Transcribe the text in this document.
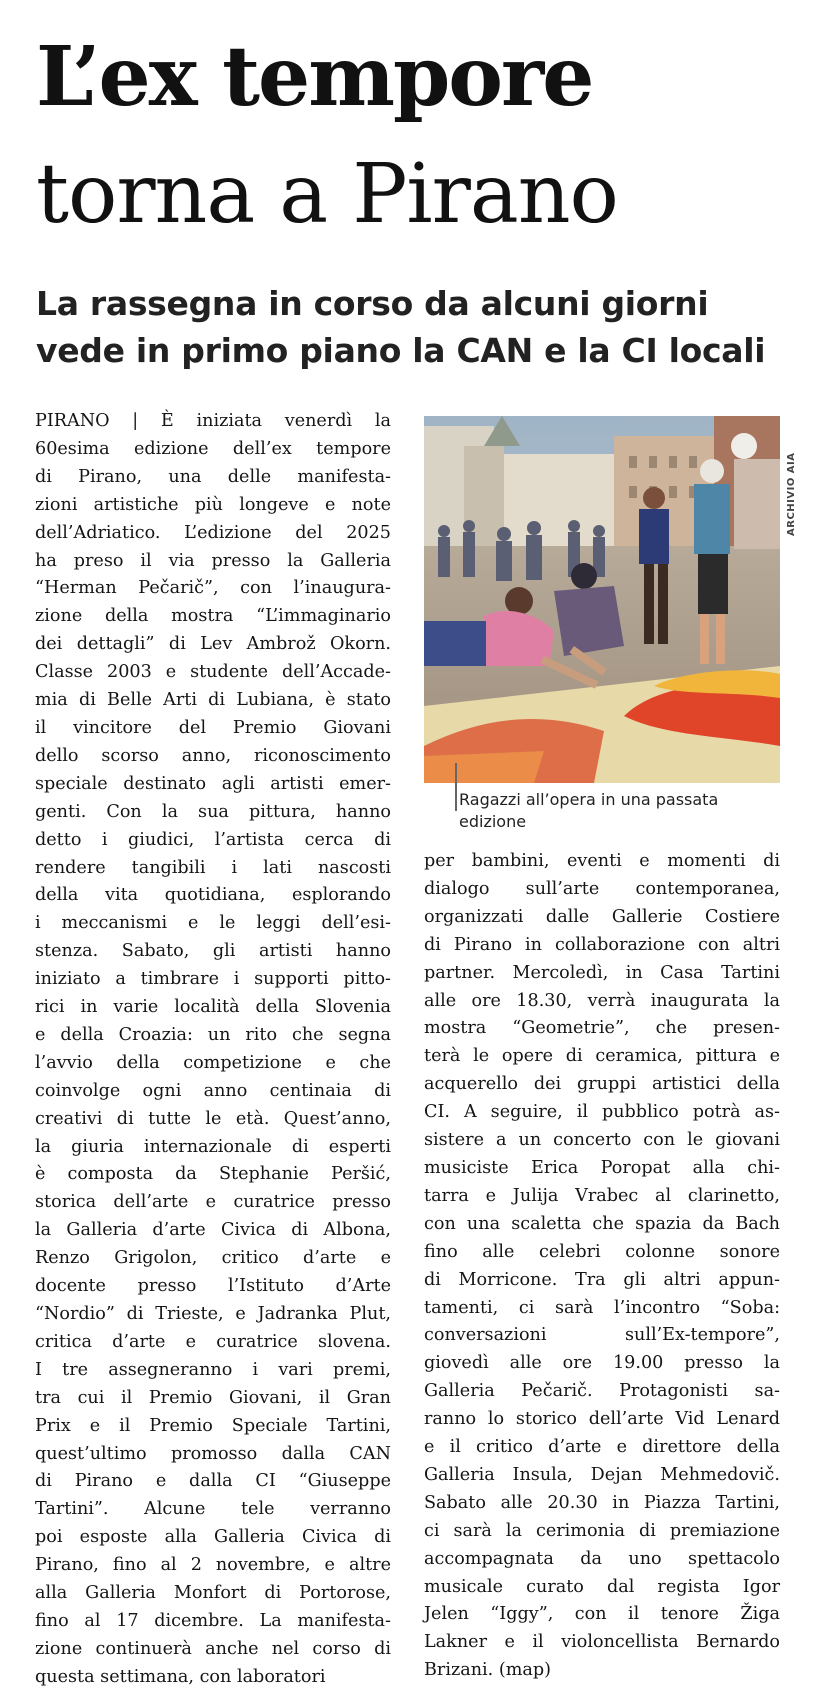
L’ex tempore
torna a Pirano
La rassegna in corso da alcuni giorni
vede in primo piano la CAN e la CI locali
PIRANO | È iniziata venerdì la
60esima edizione dell’ex tempore
di Pirano, una delle manifesta-
zioni artistiche più longeve e note
dell’Adriatico. L’edizione del 2025
ha preso il via presso la Galleria
“Herman Pečarič”, con l’inaugura-
zione della mostra “L’immaginario
dei dettagli” di Lev Ambrož Okorn.
Classe 2003 e studente dell’Accade-
mia di Belle Arti di Lubiana, è stato
il vincitore del Premio Giovani
dello scorso anno, riconoscimento
speciale destinato agli artisti emer-
genti. Con la sua pittura, hanno
detto i giudici, l’artista cerca di
rendere tangibili i lati nascosti
della vita quotidiana, esplorando
i meccanismi e le leggi dell’esi-
stenza. Sabato, gli artisti hanno
iniziato a timbrare i supporti pitto-
rici in varie località della Slovenia
e della Croazia: un rito che segna
l’avvio della competizione e che
coinvolge ogni anno centinaia di
creativi di tutte le età. Quest’anno,
la giuria internazionale di esperti
è composta da Stephanie Peršić,
storica dell’arte e curatrice presso
la Galleria d’arte Civica di Albona,
Renzo Grigolon, critico d’arte e
docente presso l’Istituto d’Arte
“Nordio” di Trieste, e Jadranka Plut,
critica d’arte e curatrice slovena.
I tre assegneranno i vari premi,
tra cui il Premio Giovani, il Gran
Prix e il Premio Speciale Tartini,
quest’ultimo promosso dalla CAN
di Pirano e dalla CI “Giuseppe
Tartini”. Alcune tele verranno
poi esposte alla Galleria Civica di
Pirano, fino al 2 novembre, e altre
alla Galleria Monfort di Portorose,
fino al 17 dicembre. La manifesta-
zione continuerà anche nel corso di
questa settimana, con laboratori
ARCHIVIO AIA
Ragazzi all’opera in una passata edizione
per bambini, eventi e momenti di
dialogo sull’arte contemporanea,
organizzati dalle Gallerie Costiere
di Pirano in collaborazione con altri
partner. Mercoledì, in Casa Tartini
alle ore 18.30, verrà inaugurata la
mostra “Geometrie”, che presen-
terà le opere di ceramica, pittura e
acquerello dei gruppi artistici della
CI. A seguire, il pubblico potrà as-
sistere a un concerto con le giovani
musiciste Erica Poropat alla chi-
tarra e Julija Vrabec al clarinetto,
con una scaletta che spazia da Bach
fino alle celebri colonne sonore
di Morricone. Tra gli altri appun-
tamenti, ci sarà l’incontro “Soba:
conversazioni sull’Ex-tempore”,
giovedì alle ore 19.00 presso la
Galleria Pečarič. Protagonisti sa-
ranno lo storico dell’arte Vid Lenard
e il critico d’arte e direttore della
Galleria Insula, Dejan Mehmedovič.
Sabato alle 20.30 in Piazza Tartini,
ci sarà la cerimonia di premiazione
accompagnata da uno spettacolo
musicale curato dal regista Igor
Jelen “Iggy”, con il tenore Žiga
Lakner e il violoncellista Bernardo
Brizani. (map)
